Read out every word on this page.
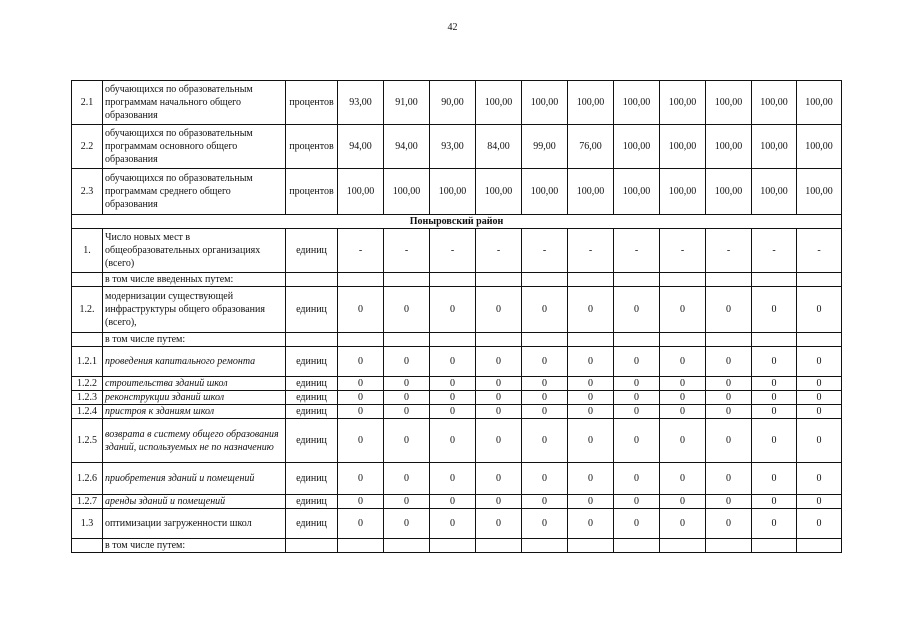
42
2.1	обучающихся по образовательным программам начального общего образования	процентов	93,00	91,00	90,00	100,00	100,00	100,00	100,00	100,00	100,00	100,00	100,00
2.2	обучающихся по образовательным программам основного общего образования	процентов	94,00	94,00	93,00	84,00	99,00	76,00	100,00	100,00	100,00	100,00	100,00
2.3	обучающихся по образовательным программам среднего общего образования	процентов	100,00	100,00	100,00	100,00	100,00	100,00	100,00	100,00	100,00	100,00	100,00
Поныровский район													
1.	Число новых мест в общеобразовательных организациях (всего)	единиц	-	-	-	-	-	-	-	-	-	-	-
	в том числе введенных путем:												
1.2.	модернизации существующей инфраструктуры общего образования (всего),	единиц	0	0	0	0	0	0	0	0	0	0	0
	в том числе путем:												
1.2.1	проведения капитального ремонта	единиц	0	0	0	0	0	0	0	0	0	0	0
1.2.2	строительства зданий школ	единиц	0	0	0	0	0	0	0	0	0	0	0
1.2.3	реконструкции зданий школ	единиц	0	0	0	0	0	0	0	0	0	0	0
1.2.4	пристроя к зданиям школ	единиц	0	0	0	0	0	0	0	0	0	0	0
1.2.5	возврата в систему общего образования зданий, используемых не по назначению	единиц	0	0	0	0	0	0	0	0	0	0	0
1.2.6	приобретения зданий и помещений	единиц	0	0	0	0	0	0	0	0	0	0	0
1.2.7	аренды зданий и помещений	единиц	0	0	0	0	0	0	0	0	0	0	0
1.3	оптимизации загруженности школ	единиц	0	0	0	0	0	0	0	0	0	0	0
	в том числе путем:												
